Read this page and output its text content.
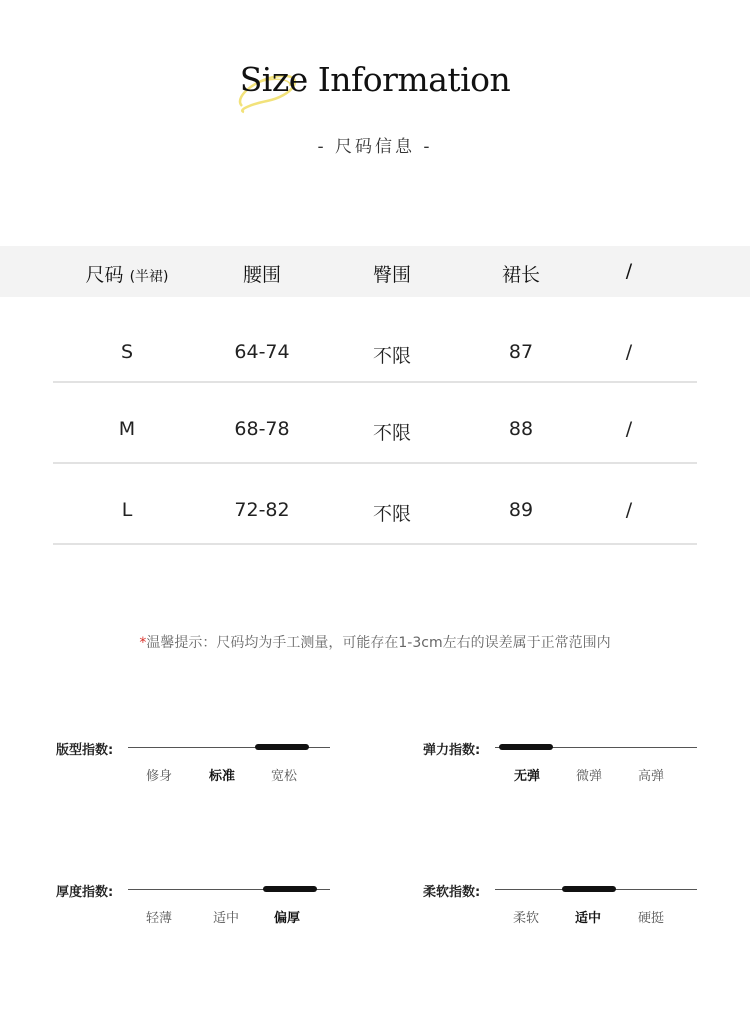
Size Information
- 尺码信息 -
尺码 (半裙)	腰围	臀围	裙长	/
S	64-74	不限	87	/
M	68-78	不限	88	/
L	72-82	不限	89	/
*温馨提示：尺码均为手工测量，可能存在1-3cm左右的误差属于正常范围内
版型指数:
修身	标准	宽松
弹力指数:
无弹	微弹	高弹
厚度指数:
轻薄	适中	偏厚
柔软指数:
柔软	适中	硬挺
